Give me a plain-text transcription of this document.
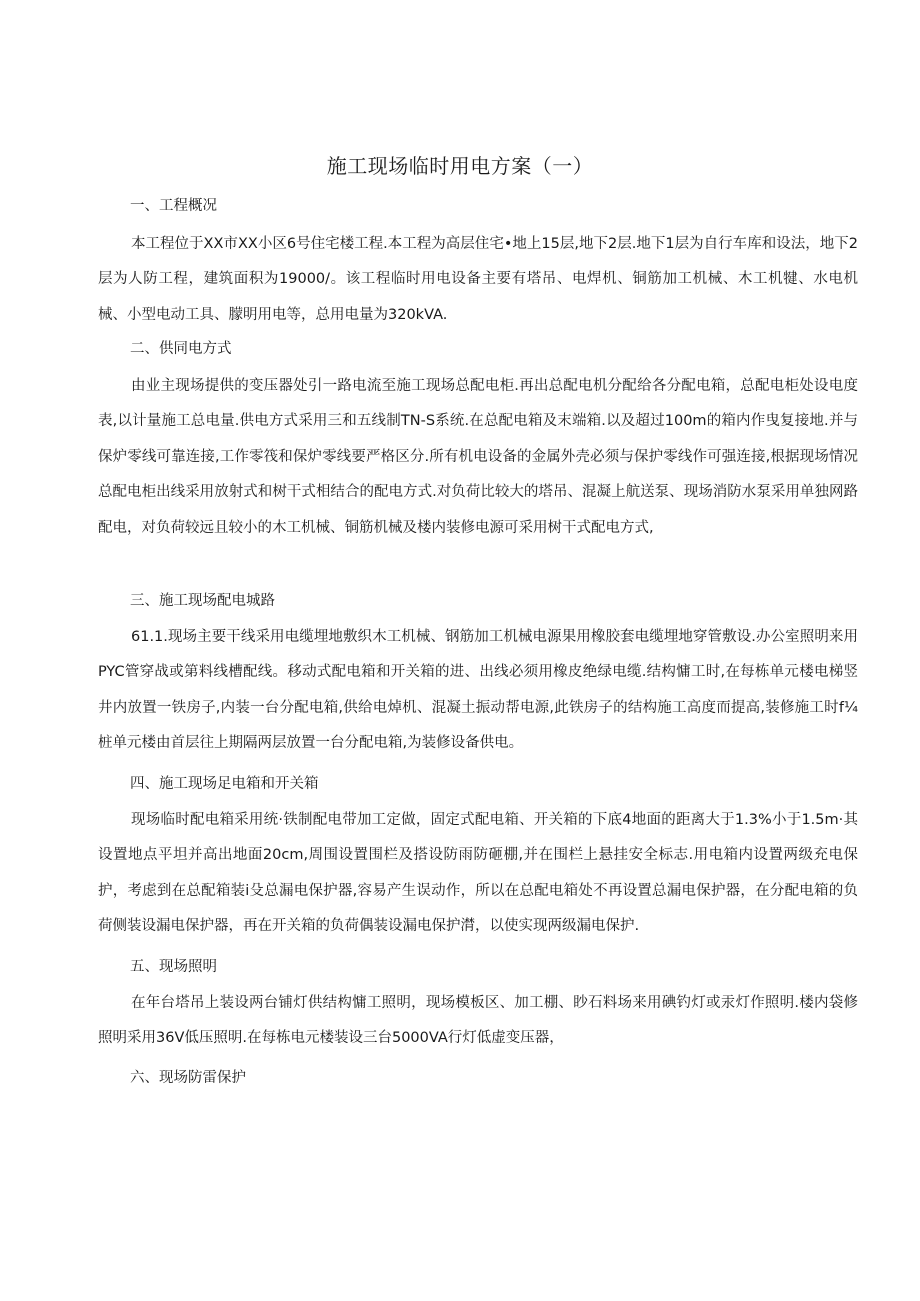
施工现场临时用电方案（一）
一、工程概况

本工程位于XX市XX小区6号住宅楼工程.本工程为高层住宅•地上15层,地下2层.地下1层为自行车库和设法，地下2层为人防工程，建筑面积为19000/。该工程临时用电设备主要有塔吊、电焊机、铜筋加工机械、木工机犍、水电机械、小型电动工具、朦明用电等，总用电量为320kVA.

二、供同电方式

由业主现场提供的变压器处引一路电流至施工现场总配电柜.再出总配电机分配给各分配电箱，总配电柜处设电度表,以计量施工总电量.供电方式采用三和五线制TN-S系统.在总配电箱及末端箱.以及超过100m的箱内作曳复接地.并与保炉零线可靠连接,工作零筏和保炉零线要严格区分.所有机电设备的金属外壳必须与保护零线作可强连接,根据现场情况总配电柜出线采用放射式和树干式相结合的配电方式.对负荷比较大的塔吊、混凝上航送泵、现场消防水泵采用单独网路配电，对负荷较远且较小的木工机械、铜筋机械及楼内装修电源可采用树干式配电方式,

三、施工现场配电城路

61.1.现场主要干线采用电缆埋地敷织木工机械、钢筋加工机械电源果用橡胶套电缆埋地穿管敷设.办公室照明来用PYC管穿战或第料线槽配线。移动式配电箱和开关箱的进、出线必须用橡皮绝绿电缆.结构慵工时,在每栋单元楼电梯竖井内放置一铁房子,内装一台分配电箱,供给电焯机、混凝土振动帮电源,此铁房子的结构施工高度而提高,装修施工时f¼桩单元楼由首层往上期隔两层放置一台分配电箱,为装修设备供电。

四、施工现场足电箱和开关箱

现场临时配电箱采用统·铁制配电带加工定做，固定式配电箱、开关箱的下底4地面的距离大于1.3%小于1.5m·其设置地点平坦并高出地面20cm,周围设置围栏及搭设防雨防砸棚,并在围栏上悬挂安全标志.用电箱内设置两级充电保护，考虑到在总配箱装i殳总漏电保护器,容易产生误动作，所以在总配电箱处不再设置总漏电保护器，在分配电箱的负荷侧装设漏电保护器，再在开关箱的负荷偶装设漏电保护潸，以使实现两级漏电保护.

五、现场照明

在年台塔吊上装设两台铺灯供结构慵工照明，现场模板区、加工棚、眇石料场来用碘钓灯或汞灯作照明.楼内袋修照明采用36V低压照明.在每栋电元楼装设三台5000VA行灯低虚变压器，

六、现场防雷保护
